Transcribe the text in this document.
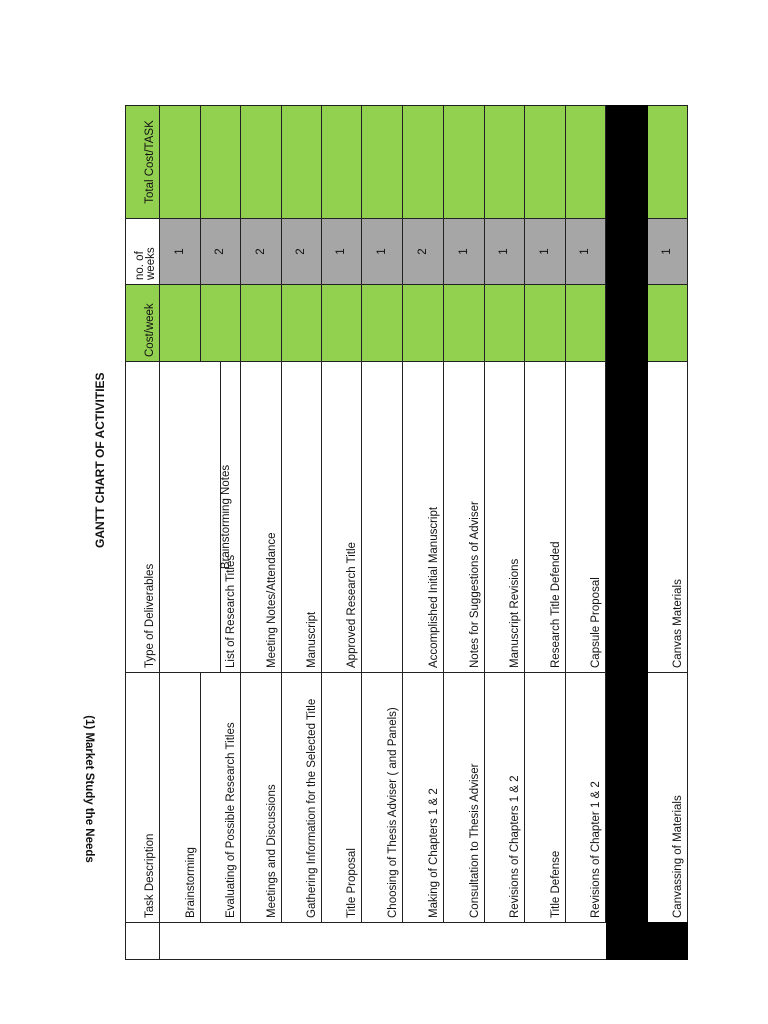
GANTT CHART OF ACTIVITIES
Task Description
Type of Deliverables
Cost/week
no. of
weeks
Total Cost/TASK
(1) Market Study the Needs
Brainstorming
Brainstorming Notes
1
Evaluating of Possible Research Titles
List of Research Titles
2
Meetings and Discussions
Meeting Notes/Attendance
2
Gathering Information for the Selected Title
Manuscript
2
Title Proposal
Approved Research Title
1
Choosing of Thesis Adviser ( and Panels)
1
Making of Chapters 1 & 2
Accomplished Initial Manuscript
2
Consultation to Thesis Adviser
Notes for Suggestions of Adviser
1
Revisions of Chapters 1 & 2
Manuscript Revisions
1
Title Defense
Research Title Defended
1
Revisions of Chapter 1 & 2
Capsule Proposal
1
Canvassing of Materials
Canvas Materials
1
